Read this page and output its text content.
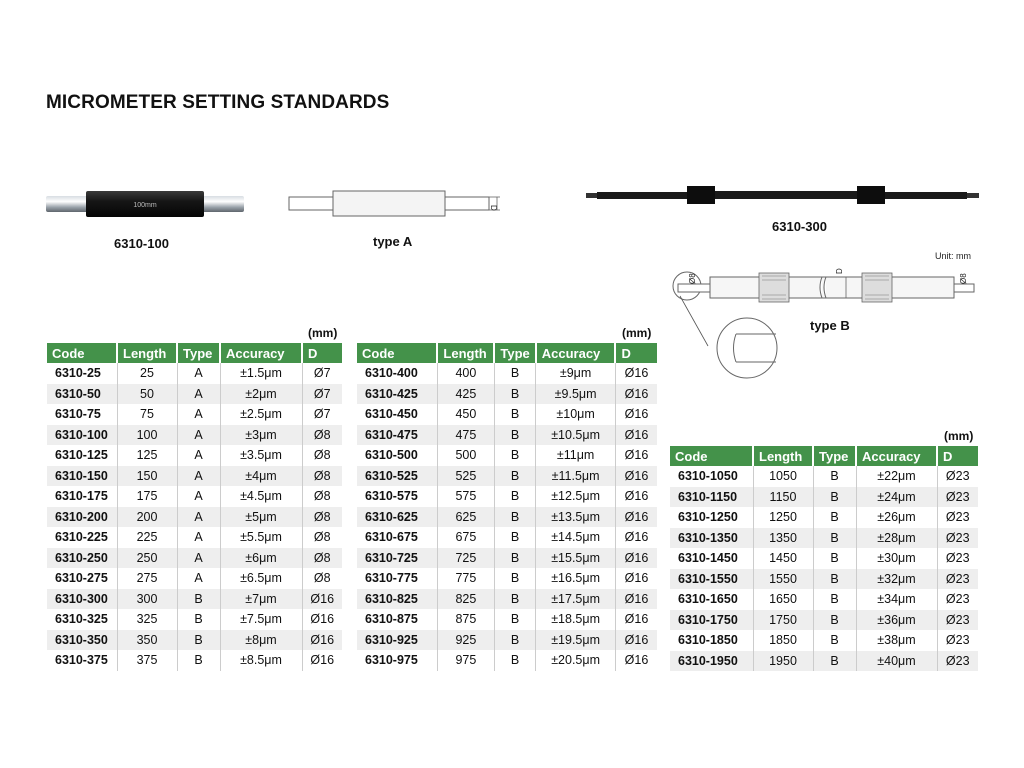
MICROMETER SETTING STANDARDS
100mm
6310-100
D
type A
6310-300
Unit: mm
D
Ø8	Ø8
type B
(mm)
Code	Length	Type	Accuracy	D
6310-25	25	A	±1.5μm	Ø7
6310-50	50	A	±2μm	Ø7
6310-75	75	A	±2.5μm	Ø7
6310-100	100	A	±3μm	Ø8
6310-125	125	A	±3.5μm	Ø8
6310-150	150	A	±4μm	Ø8
6310-175	175	A	±4.5μm	Ø8
6310-200	200	A	±5μm	Ø8
6310-225	225	A	±5.5μm	Ø8
6310-250	250	A	±6μm	Ø8
6310-275	275	A	±6.5μm	Ø8
6310-300	300	B	±7μm	Ø16
6310-325	325	B	±7.5μm	Ø16
6310-350	350	B	±8μm	Ø16
6310-375	375	B	±8.5μm	Ø16
(mm)
Code	Length	Type	Accuracy	D
6310-400	400	B	±9μm	Ø16
6310-425	425	B	±9.5μm	Ø16
6310-450	450	B	±10μm	Ø16
6310-475	475	B	±10.5μm	Ø16
6310-500	500	B	±11μm	Ø16
6310-525	525	B	±11.5μm	Ø16
6310-575	575	B	±12.5μm	Ø16
6310-625	625	B	±13.5μm	Ø16
6310-675	675	B	±14.5μm	Ø16
6310-725	725	B	±15.5μm	Ø16
6310-775	775	B	±16.5μm	Ø16
6310-825	825	B	±17.5μm	Ø16
6310-875	875	B	±18.5μm	Ø16
6310-925	925	B	±19.5μm	Ø16
6310-975	975	B	±20.5μm	Ø16
(mm)
Code	Length	Type	Accuracy	D
6310-1050	1050	B	±22μm	Ø23
6310-1150	1150	B	±24μm	Ø23
6310-1250	1250	B	±26μm	Ø23
6310-1350	1350	B	±28μm	Ø23
6310-1450	1450	B	±30μm	Ø23
6310-1550	1550	B	±32μm	Ø23
6310-1650	1650	B	±34μm	Ø23
6310-1750	1750	B	±36μm	Ø23
6310-1850	1850	B	±38μm	Ø23
6310-1950	1950	B	±40μm	Ø23
